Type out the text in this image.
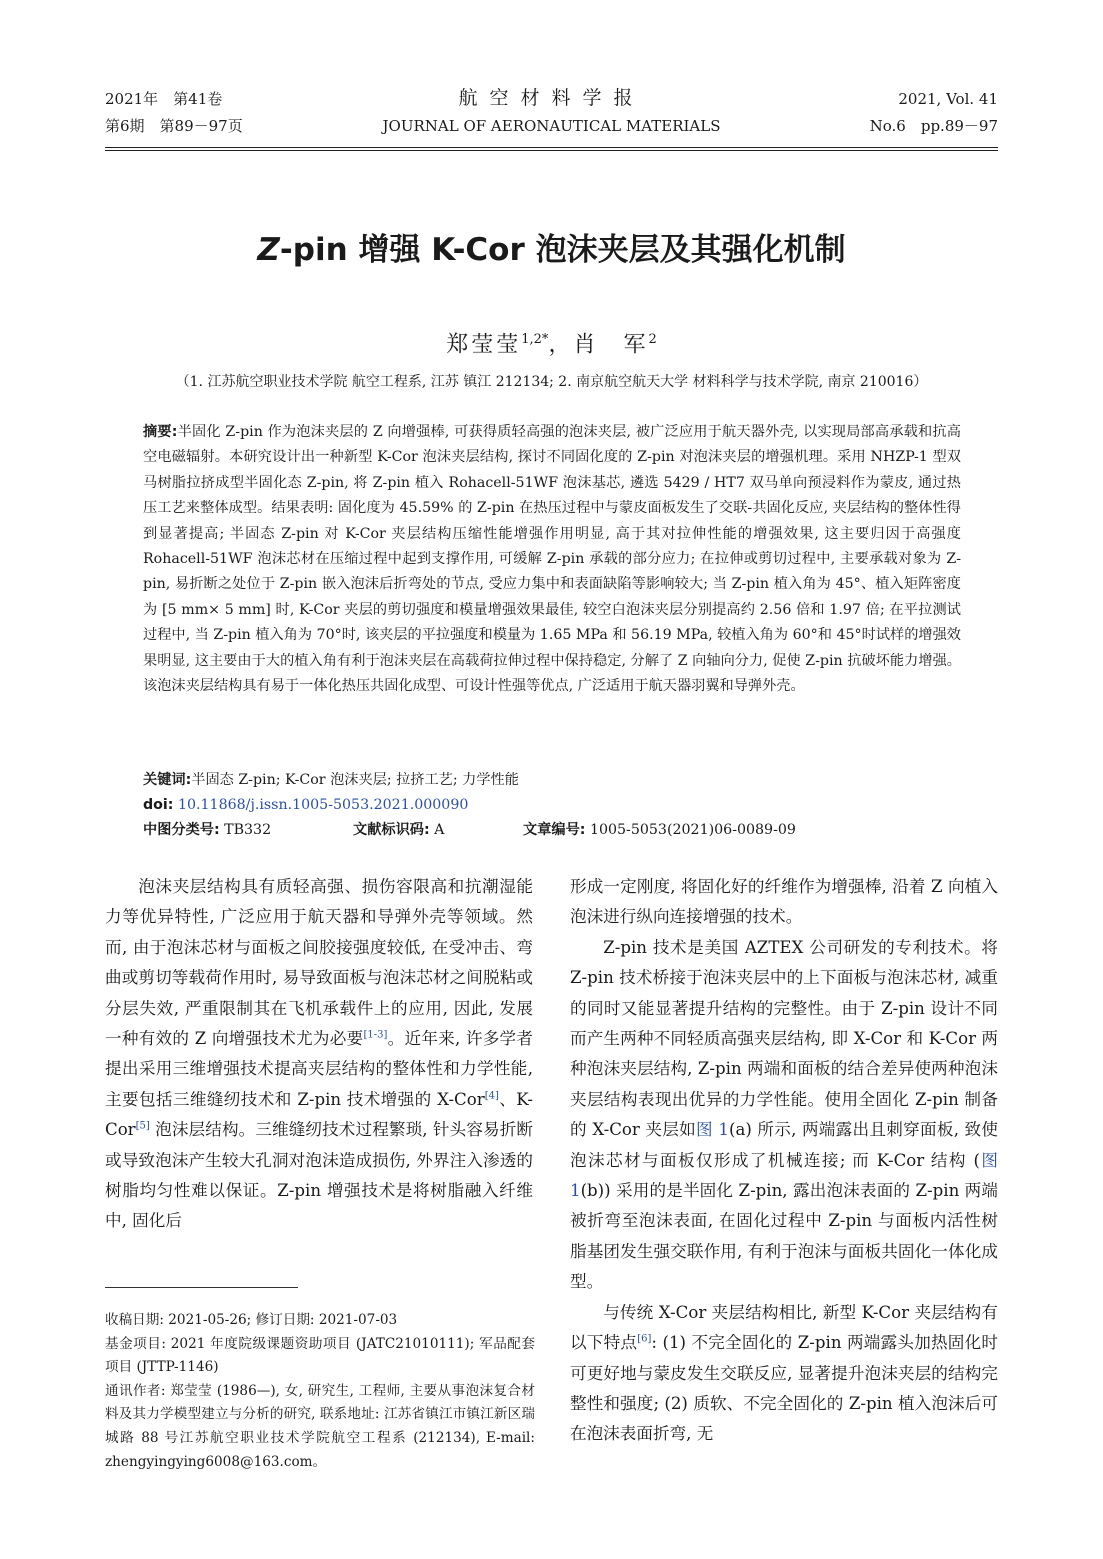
2021年　第41卷
第6期　第89－97页
航空材料学报
JOURNAL OF AERONAUTICAL MATERIALS
2021, Vol. 41
No.6　pp.89－97
Z-pin 增强 K-Cor 泡沫夹层及其强化机制
郑莹莹$^{1,2*}$，肖　军$^2$
（1. 江苏航空职业技术学院 航空工程系, 江苏 镇江 212134; 2. 南京航空航天大学 材料科学与技术学院, 南京 210016）
摘要:半固化 Z-pin 作为泡沫夹层的 Z 向增强棒, 可获得质轻高强的泡沫夹层, 被广泛应用于航天器外壳, 以实现局部高承载和抗高空电磁辐射。本研究设计出一种新型 K-Cor 泡沫夹层结构, 探讨不同固化度的 Z-pin 对泡沫夹层的增强机理。采用 NHZP-1 型双马树脂拉挤成型半固化态 Z-pin, 将 Z-pin 植入 Rohacell-51WF 泡沫基芯, 遴选 5429 / HT7 双马单向预浸料作为蒙皮, 通过热压工艺来整体成型。结果表明: 固化度为 45.59% 的 Z-pin 在热压过程中与蒙皮面板发生了交联-共固化反应, 夹层结构的整体性得到显著提高; 半固态 Z-pin 对 K-Cor 夹层结构压缩性能增强作用明显, 高于其对拉伸性能的增强效果, 这主要归因于高强度 Rohacell-51WF 泡沫芯材在压缩过程中起到支撑作用, 可缓解 Z-pin 承载的部分应力; 在拉伸或剪切过程中, 主要承载对象为 Z-pin, 易折断之处位于 Z-pin 嵌入泡沫后折弯处的节点, 受应力集中和表面缺陷等影响较大; 当 Z-pin 植入角为 45°、植入矩阵密度为 [5 mm× 5 mm] 时, K-Cor 夹层的剪切强度和模量增强效果最佳, 较空白泡沫夹层分别提高约 2.56 倍和 1.97 倍; 在平拉测试过程中, 当 Z-pin 植入角为 70°时, 该夹层的平拉强度和模量为 1.65 MPa 和 56.19 MPa, 较植入角为 60°和 45°时试样的增强效果明显, 这主要由于大的植入角有利于泡沫夹层在高载荷拉伸过程中保持稳定, 分解了 Z 向轴向分力, 促使 Z-pin 抗破坏能力增强。该泡沫夹层结构具有易于一体化热压共固化成型、可设计性强等优点, 广泛适用于航天器羽翼和导弹外壳。
关键词:半固态 Z-pin; K-Cor 泡沫夹层; 拉挤工艺; 力学性能
doi: 10.11868/j.issn.1005-5053.2021.000090
中图分类号: TB332	文献标识码: A	文章编号: 1005-5053(2021)06-0089-09

泡沫夹层结构具有质轻高强、损伤容限高和抗潮湿能力等优异特性, 广泛应用于航天器和导弹外壳等领域。然而, 由于泡沫芯材与面板之间胶接强度较低, 在受冲击、弯曲或剪切等载荷作用时, 易导致面板与泡沫芯材之间脱粘或分层失效, 严重限制其在飞机承载件上的应用, 因此, 发展一种有效的 Z 向增强技术尤为必要[1-3]。近年来, 许多学者提出采用三维增强技术提高夹层结构的整体性和力学性能, 主要包括三维缝纫技术和 Z-pin 技术增强的 X-Cor[4]、K-Cor[5] 泡沫层结构。三维缝纫技术过程繁琐, 针头容易折断或导致泡沫产生较大孔洞对泡沫造成损伤, 外界注入渗透的树脂均匀性难以保证。Z-pin 增强技术是将树脂融入纤维中, 固化后

收稿日期: 2021-05-26; 修订日期: 2021-07-03

基金项目: 2021 年度院级课题资助项目 (JATC21010111); 军品配套项目 (JTTP-1146)

通讯作者: 郑莹莹 (1986—), 女, 研究生, 工程师, 主要从事泡沫复合材料及其力学模型建立与分析的研究, 联系地址: 江苏省镇江市镇江新区瑞城路 88 号江苏航空职业技术学院航空工程系 (212134), E-mail: zhengyingying6008@163.com。

形成一定刚度, 将固化好的纤维作为增强棒, 沿着 Z 向植入泡沫进行纵向连接增强的技术。

Z-pin 技术是美国 AZTEX 公司研发的专利技术。将 Z-pin 技术桥接于泡沫夹层中的上下面板与泡沫芯材, 减重的同时又能显著提升结构的完整性。由于 Z-pin 设计不同而产生两种不同轻质高强夹层结构, 即 X-Cor 和 K-Cor 两种泡沫夹层结构, Z-pin 两端和面板的结合差异使两种泡沫夹层结构表现出优异的力学性能。使用全固化 Z-pin 制备的 X-Cor 夹层如图 1(a) 所示, 两端露出且刺穿面板, 致使泡沫芯材与面板仅形成了机械连接; 而 K-Cor 结构 (图 1(b)) 采用的是半固化 Z-pin, 露出泡沫表面的 Z-pin 两端被折弯至泡沫表面, 在固化过程中 Z-pin 与面板内活性树脂基团发生强交联作用, 有利于泡沫与面板共固化一体化成型。

与传统 X-Cor 夹层结构相比, 新型 K-Cor 夹层结构有以下特点[6]: (1) 不完全固化的 Z-pin 两端露头加热固化时可更好地与蒙皮发生交联反应, 显著提升泡沫夹层的结构完整性和强度; (2) 质软、不完全固化的 Z-pin 植入泡沫后可在泡沫表面折弯, 无
